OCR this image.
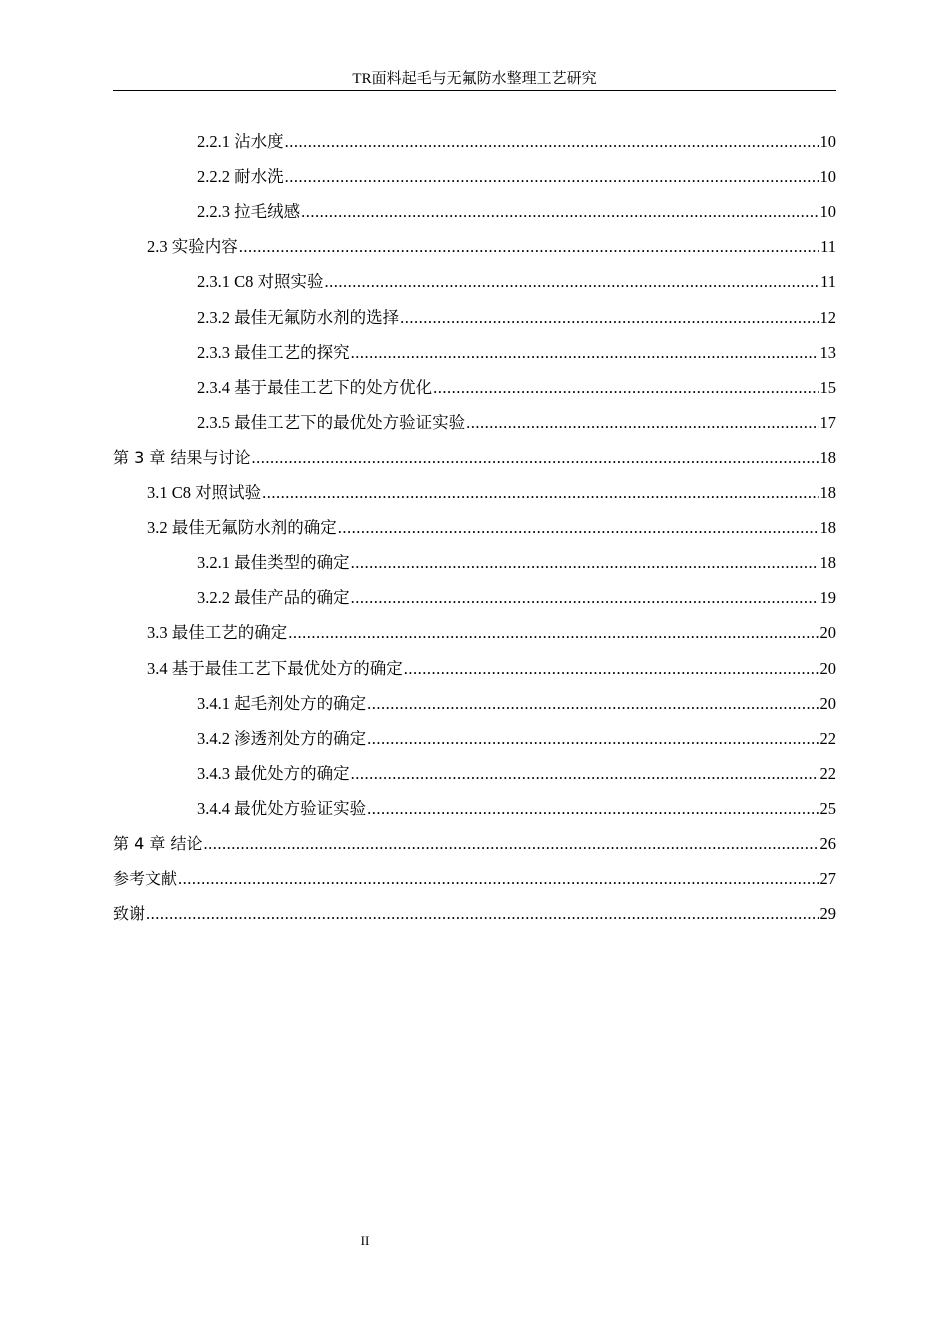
TR面料起毛与无氟防水整理工艺研究
2.2.1 沾水度 .....	10
2.2.2 耐水洗 .....	10
2.2.3 拉毛绒感 .....	10
2.3 实验内容 .....	11
2.3.1 C8 对照实验 .....	11
2.3.2 最佳无氟防水剂的选择 .....	12
2.3.3 最佳工艺的探究 .....	13
2.3.4 基于最佳工艺下的处方优化 .....	15
2.3.5 最佳工艺下的最优处方验证实验 .....	17
第 3 章 结果与讨论 .....	18
3.1 C8 对照试验 .....	18
3.2 最佳无氟防水剂的确定 .....	18
3.2.1 最佳类型的确定 .....	18
3.2.2 最佳产品的确定 .....	19
3.3 最佳工艺的确定 .....	20
3.4 基于最佳工艺下最优处方的确定 .....	20
3.4.1 起毛剂处方的确定 .....	20
3.4.2 渗透剂处方的确定 .....	22
3.4.3 最优处方的确定 .....	22
3.4.4 最优处方验证实验 .....	25
第 4 章 结论 .....	26
参考文献 .....	27
致谢 .....	29
II
